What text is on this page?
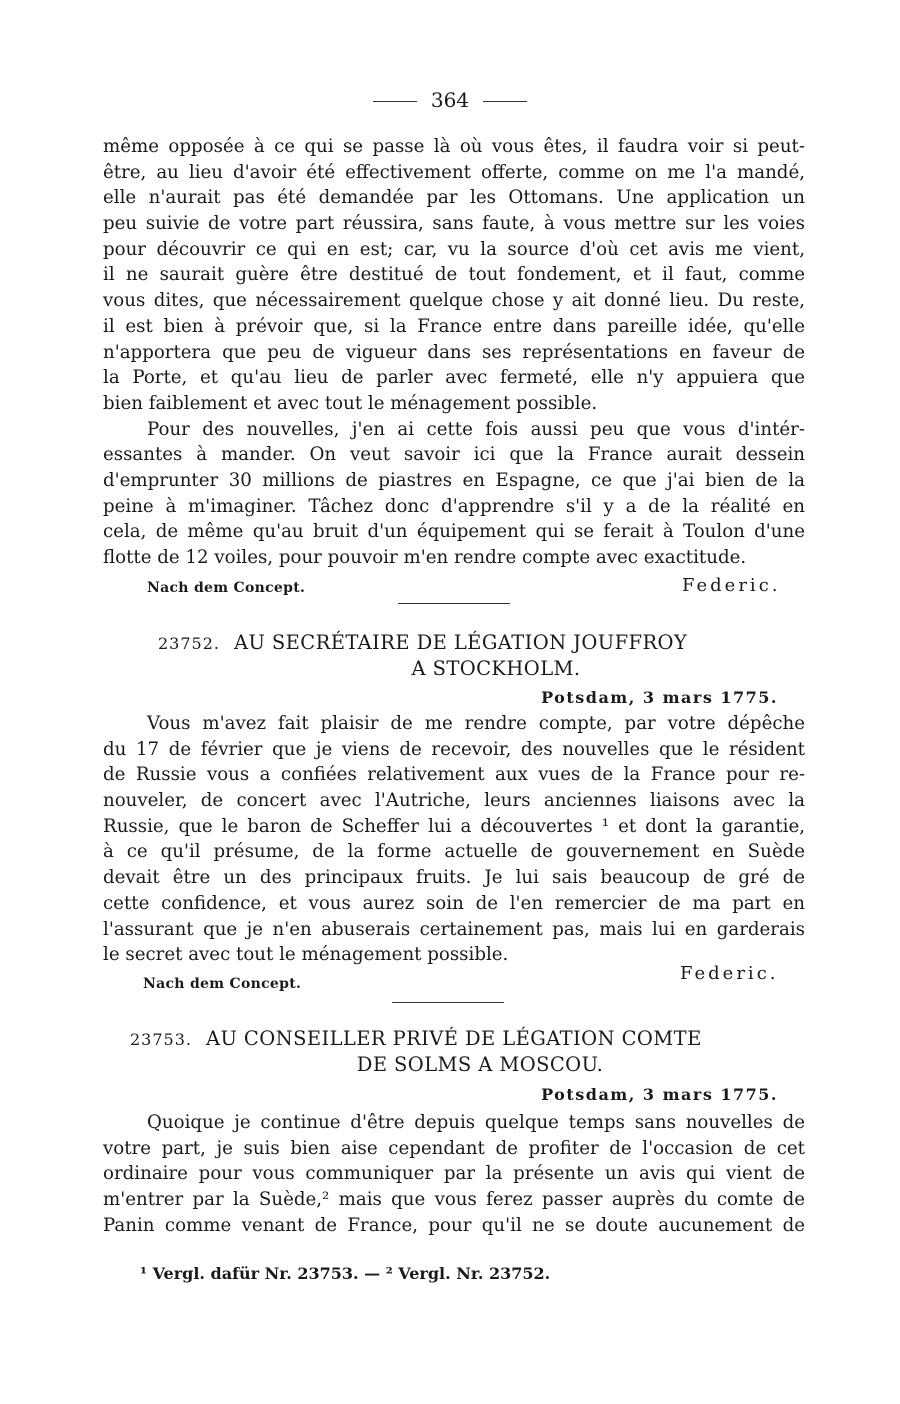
364
même opposée à ce qui se passe là où vous êtes, il faudra voir si peut-
être, au lieu d'avoir été effectivement offerte, comme on me l'a mandé,
elle n'aurait pas été demandée par les Ottomans. Une application un
peu suivie de votre part réussira, sans faute, à vous mettre sur les voies
pour découvrir ce qui en est; car, vu la source d'où cet avis me vient,
il ne saurait guère être destitué de tout fondement, et il faut, comme
vous dites, que nécessairement quelque chose y ait donné lieu. Du reste,
il est bien à prévoir que, si la France entre dans pareille idée, qu'elle
n'apportera que peu de vigueur dans ses représentations en faveur de
la Porte, et qu'au lieu de parler avec fermeté, elle n'y appuiera que
bien faiblement et avec tout le ménagement possible.
Pour des nouvelles, j'en ai cette fois aussi peu que vous d'intér-
essantes à mander. On veut savoir ici que la France aurait dessein
d'emprunter 30 millions de piastres en Espagne, ce que j'ai bien de la
peine à m'imaginer. Tâchez donc d'apprendre s'il y a de la réalité en
cela, de même qu'au bruit d'un équipement qui se ferait à Toulon d'une
flotte de 12 voiles, pour pouvoir m'en rendre compte avec exactitude.
Nach dem Concept.	Federic.
23752. AU SECRÉTAIRE DE LÉGATION JOUFFROY
A STOCKHOLM.
Potsdam, 3 mars 1775.
Vous m'avez fait plaisir de me rendre compte, par votre dépêche
du 17 de février que je viens de recevoir, des nouvelles que le résident
de Russie vous a confiées relativement aux vues de la France pour re-
nouveler, de concert avec l'Autriche, leurs anciennes liaisons avec la
Russie, que le baron de Scheffer lui a découvertes ¹ et dont la garantie,
à ce qu'il présume, de la forme actuelle de gouvernement en Suède
devait être un des principaux fruits. Je lui sais beaucoup de gré de
cette confidence, et vous aurez soin de l'en remercier de ma part en
l'assurant que je n'en abuserais certainement pas, mais lui en garderais
le secret avec tout le ménagement possible.
Federic.
Nach dem Concept.
23753. AU CONSEILLER PRIVÉ DE LÉGATION COMTE
DE SOLMS A MOSCOU.
Potsdam, 3 mars 1775.
Quoique je continue d'être depuis quelque temps sans nouvelles de
votre part, je suis bien aise cependant de profiter de l'occasion de cet
ordinaire pour vous communiquer par la présente un avis qui vient de
m'entrer par la Suède,² mais que vous ferez passer auprès du comte de
Panin comme venant de France, pour qu'il ne se doute aucunement de
¹ Vergl. dafür Nr. 23753. — ² Vergl. Nr. 23752.
